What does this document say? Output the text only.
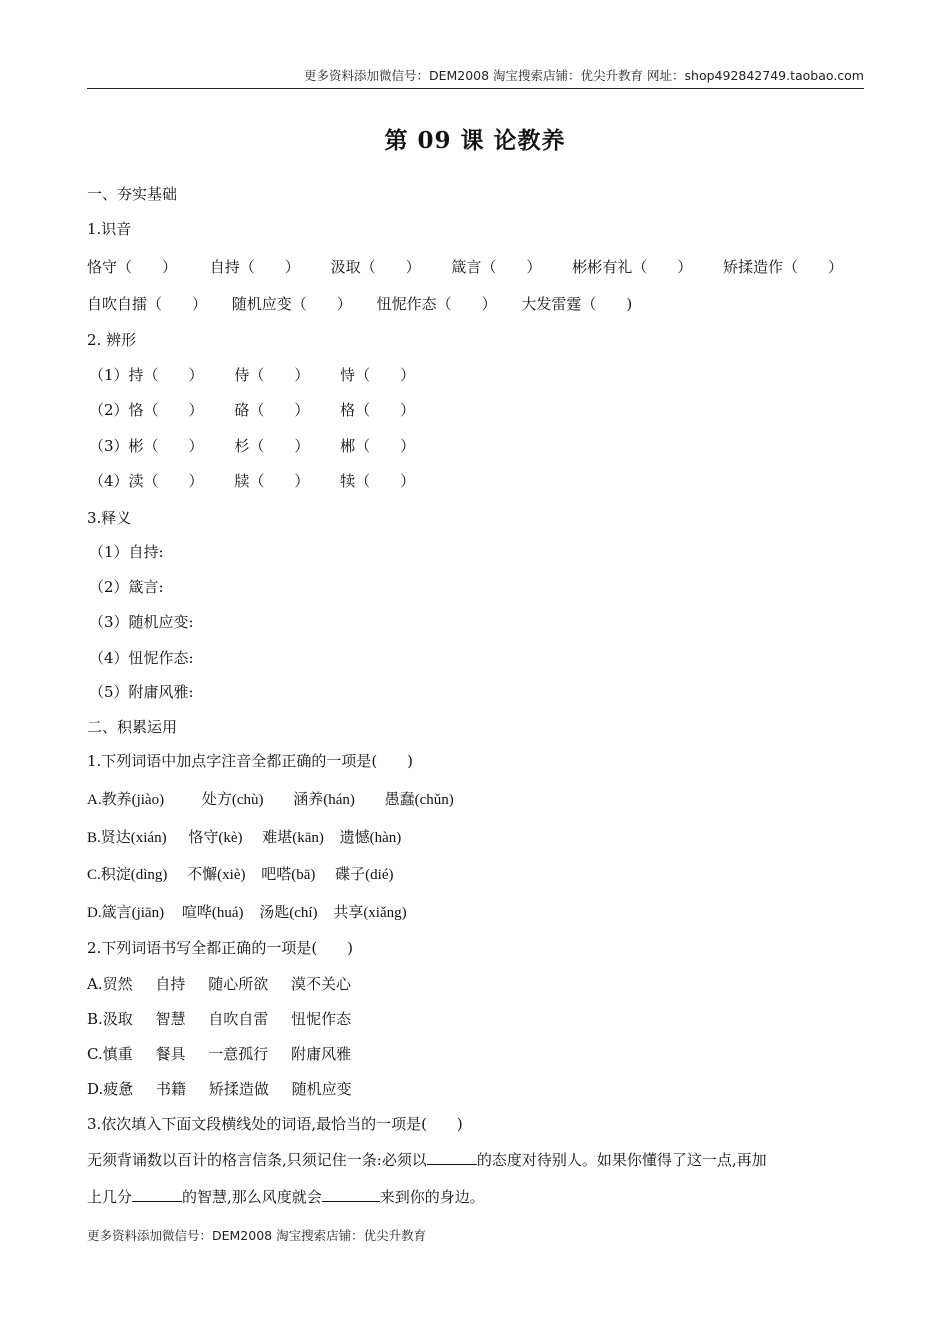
更多资料添加微信号：DEM2008 淘宝搜索店铺：优尖升教育 网址：shop492842749.taobao.com
第 09 课 论教养
一、夯实基础
1.识音
恪守（　　） 自持（　　） 汲取（　　） 箴言（　　） 彬彬有礼（　　） 矫揉造作（　　）
自吹自擂（　　） 随机应变（　　） 忸怩作态（　　） 大发雷霆（　　)
2. 辨形
（1）持（　　） 侍（　　） 恃（　　）
（2）恪（　　） 硌（　　） 格（　　）
（3）彬（　　） 杉（　　） 郴（　　）
（4）渎（　　） 牍（　　） 犊（　　）
3.释义
（1）自持:
（2）箴言:
（3）随机应变:
（4）忸怩作态:
（5）附庸风雅:
二、积累运用
1.下列词语中加点字注音全都正确的一项是(　　)
A.教养(jiào)	处方(chù) 涵养(hán) 愚蠢(chǔn)
B.贤达(xián) 恪守(kè) 难堪(kān) 遗憾(hàn)
C.积淀(dìng) 不懈(xiè) 吧嗒(bā) 碟子(dié)
D.箴言(jiān) 喧哗(huá) 汤匙(chí) 共享(xiǎng)
2.下列词语书写全都正确的一项是(　　)
A.贸然 自持 随心所欲 漠不关心
B.汲取 智慧 自吹自雷 忸怩作态
C.慎重 餐具 一意孤行 附庸风雅
D.疲惫 书籍 矫揉造做 随机应变
3.依次填入下面文段横线处的词语,最恰当的一项是(　　)
无须背诵数以百计的格言信条,只须记住一条:必须以	的态度对待别人。如果你懂得了这一点,再加
上几分	的智慧,那么风度就会	来到你的身边。
更多资料添加微信号：DEM2008 淘宝搜索店铺：优尖升教育
